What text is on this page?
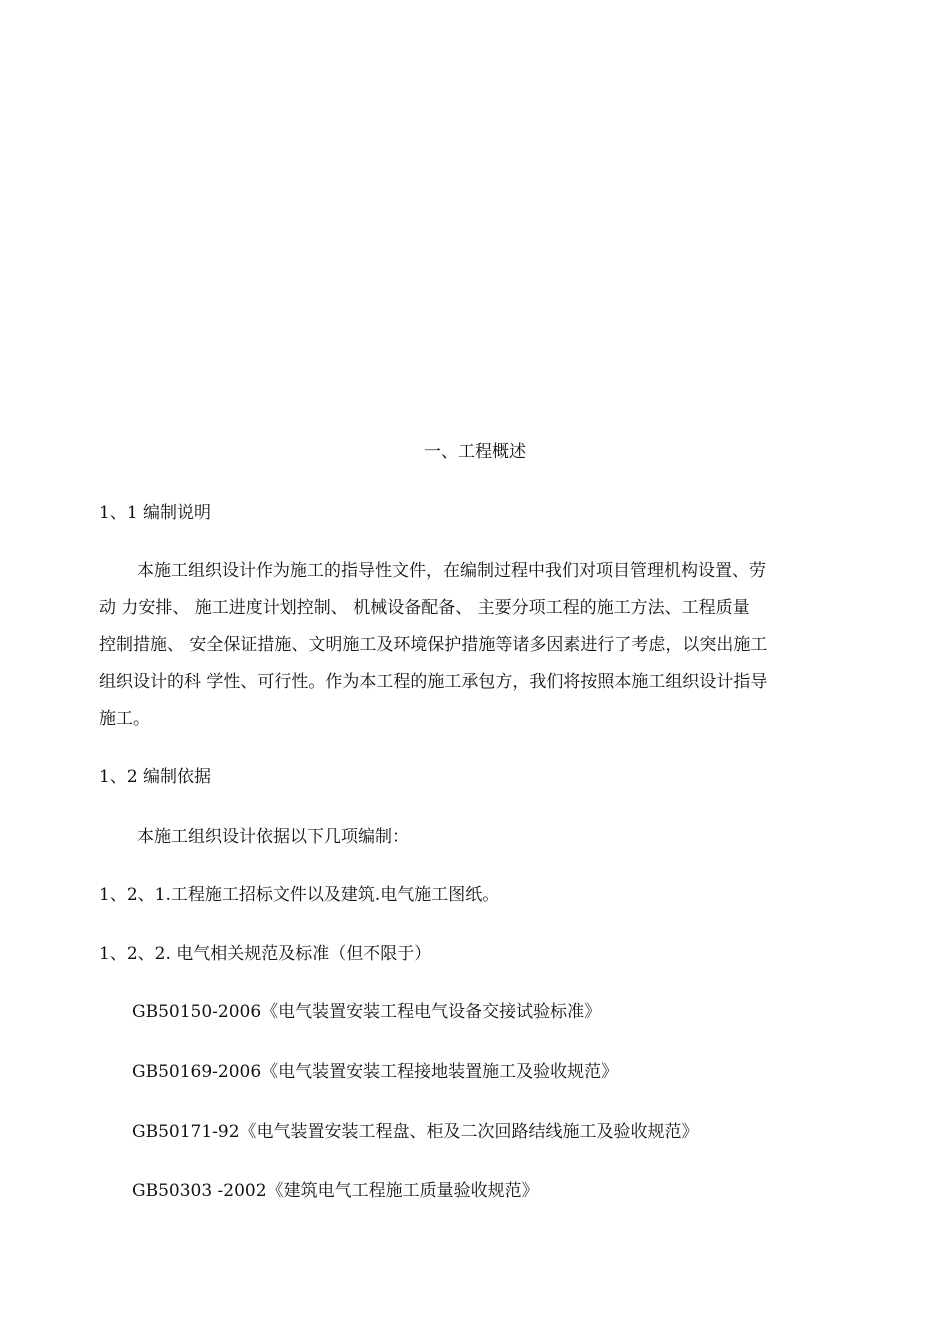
一、工程概述
1、1 编制说明
本施工组织设计作为施工的指导性文件，在编制过程中我们对项目管理机构设置、劳
动 力安排、 施工进度计划控制、 机械设备配备、 主要分项工程的施工方法、工程质量
控制措施、 安全保证措施、文明施工及环境保护措施等诸多因素进行了考虑，以突出施工
组织设计的科 学性、可行性。作为本工程的施工承包方，我们将按照本施工组织设计指导
施工。
1、2 编制依据
本施工组织设计依据以下几项编制：
1、2、1.工程施工招标文件以及建筑.电气施工图纸。
1、2、2. 电气相关规范及标准（但不限于）
GB50150-2006《电气装置安装工程电气设备交接试验标准》
GB50169-2006《电气装置安装工程接地装置施工及验收规范》
GB50171-92《电气装置安装工程盘、柜及二次回路结线施工及验收规范》
GB50303 -2002《建筑电气工程施工质量验收规范》
